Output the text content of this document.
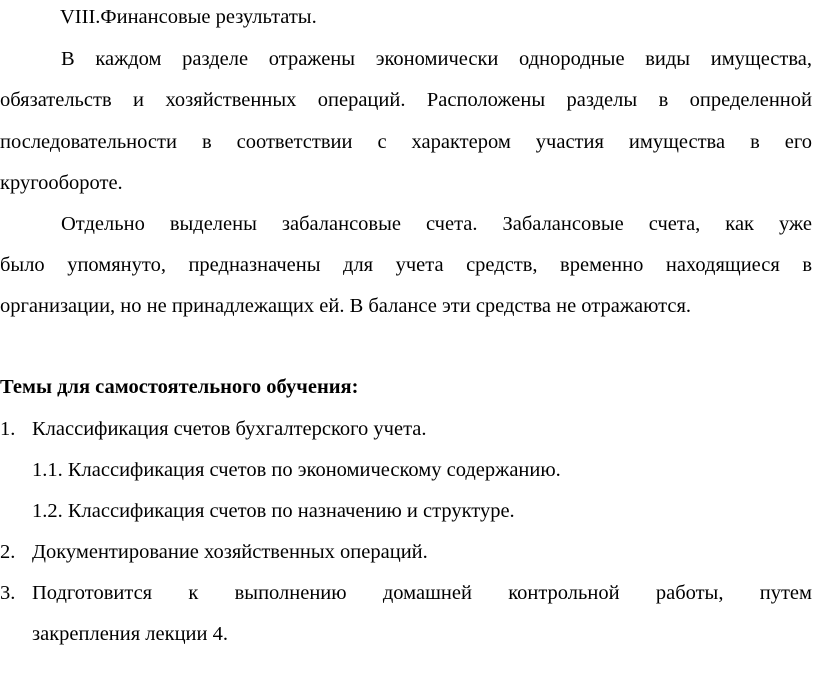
VIII.Финансовые результаты.
В каждом разделе отражены экономически однородные виды имущества,
обязательств и хозяйственных операций. Расположены разделы в определенной
последовательности в соответствии с характером участия имущества в его
кругообороте.
Отдельно выделены забалансовые счета. Забалансовые счета, как уже
было упомянуто, предназначены для учета средств, временно находящиеся в
организации, но не принадлежащих ей. В балансе эти средства не отражаются.
Темы для самостоятельного обучения:
1. Классификация счетов бухгалтерского учета.
1.1. Классификация счетов по экономическому содержанию.
1.2. Классификация счетов по назначению и структуре.
2. Документирование хозяйственных операций.
3. Подготовится к выполнению домашней контрольной работы, путем
закрепления лекции 4.
